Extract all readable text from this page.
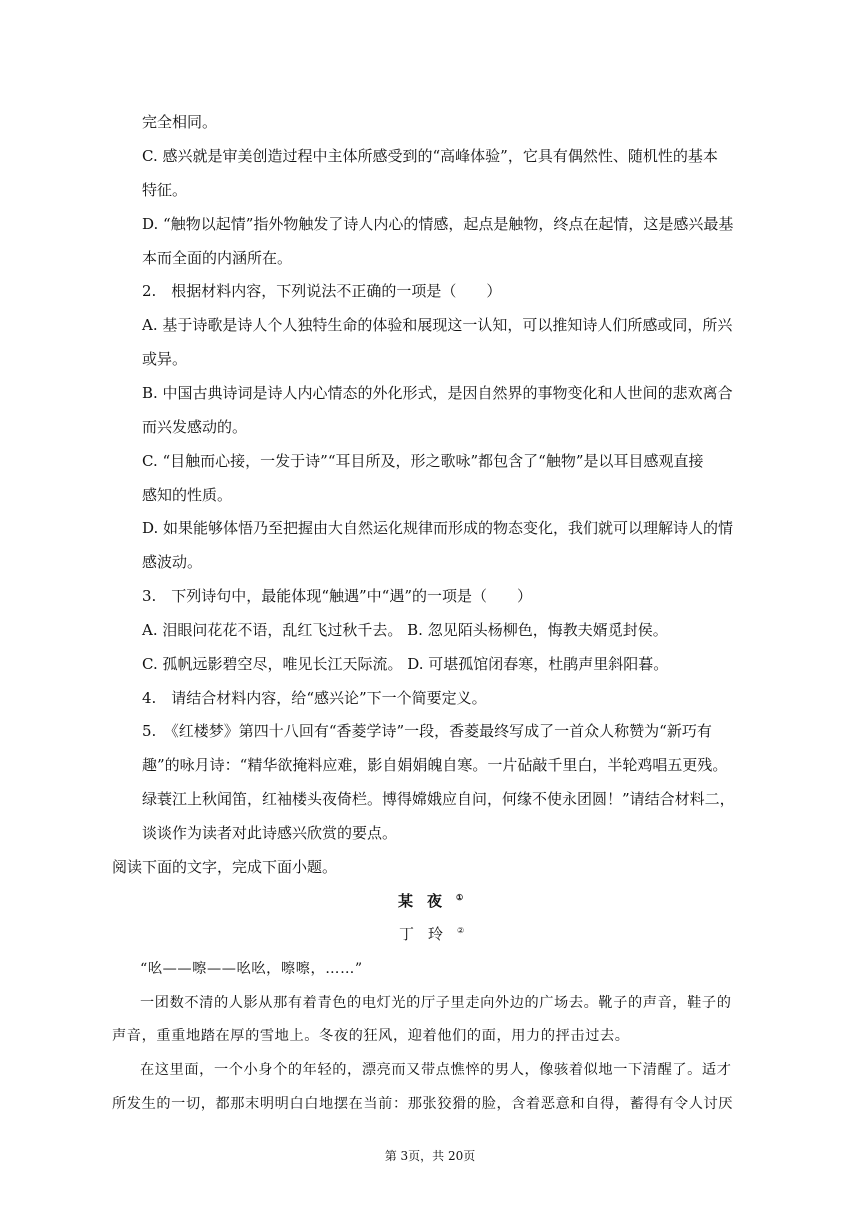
完全相同。
C. 感兴就是审美创造过程中主体所感受到的“高峰体验”，它具有偶然性、随机性的基本
特征。
D. “触物以起情”指外物触发了诗人内心的情感，起点是触物，终点在起情，这是感兴最基
本而全面的内涵所在。
2.　根据材料内容，下列说法不正确的一项是（　　）
A. 基于诗歌是诗人个人独特生命的体验和展现这一认知，可以推知诗人们所感或同，所兴
或异。
B. 中国古典诗词是诗人内心情态的外化形式，是因自然界的事物变化和人世间的悲欢离合
而兴发感动的。
C. “目触而心接，一发于诗”“耳目所及，形之歌咏”都包含了“触物”是以耳目感观直接
感知的性质。
D. 如果能够体悟乃至把握由大自然运化规律而形成的物态变化，我们就可以理解诗人的情
感波动。
3.　下列诗句中，最能体现“触遇”中“遇”的一项是（　　）
A. 泪眼问花花不语，乱红飞过秋千去。 B. 忽见陌头杨柳色，悔教夫婿觅封侯。
C. 孤帆远影碧空尽，唯见长江天际流。 D. 可堪孤馆闭春寒，杜鹃声里斜阳暮。
4.　请结合材料内容，给“感兴论”下一个简要定义。
5.　《红楼梦》第四十八回有“香菱学诗”一段，香菱最终写成了一首众人称赞为“新巧有
趣”的咏月诗：“精华欲掩料应难，影自娟娟魄自寒。一片砧敲千里白，半轮鸡唱五更残。
绿蓑江上秋闻笛，红袖楼头夜倚栏。博得嫦娥应自问，何缘不使永团圆！”请结合材料二，
谈谈作为读者对此诗感兴欣赏的要点。
阅读下面的文字，完成下面小题。
某夜①
丁玲②
“吆——嚓——吆吆，嚓嚓，……”
一团数不清的人影从那有着青色的电灯光的厅子里走向外边的广场去。靴子的声音，鞋子的
声音，重重地踏在厚的雪地上。冬夜的狂风，迎着他们的面，用力的抨击过去。
在这里面，一个小身个的年轻的，漂亮而又带点憔悴的男人，像骇着似地一下清醒了。适才
所发生的一切，都那末明明白白地摆在当前：那张狡猾的脸，含着恶意和自得，蓄得有令人讨厌
第 3页，共 20页
